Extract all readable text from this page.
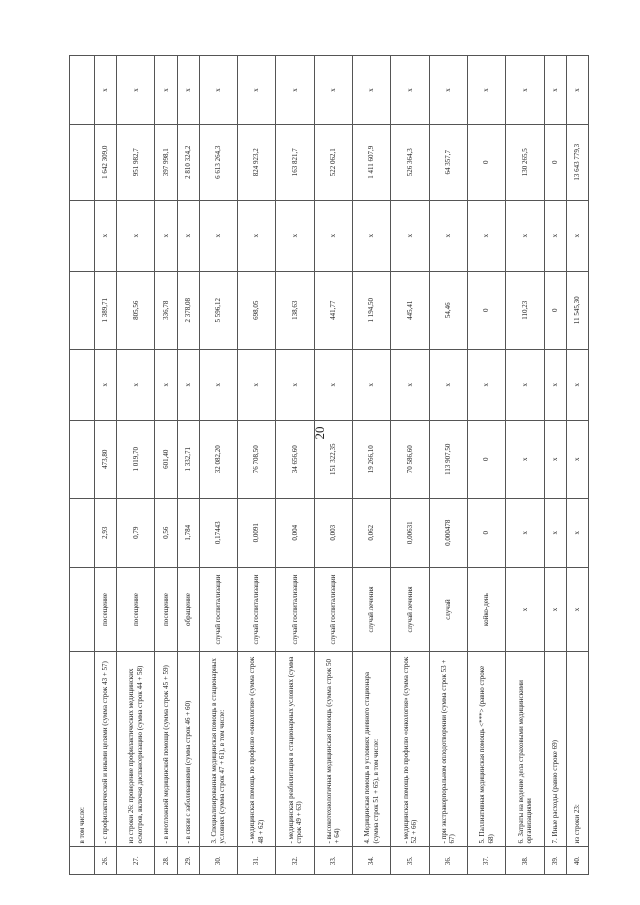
20
	в том числе:								
26.	- с профилактической и иными целями (сумма строк 43 + 57)	посещение	2,93	473,80	x	1 389,71	x	1 642 309,0	x
27.	из строки 26: проведение профилактических медицинских осмотров, включая диспансеризацию (сумма строк 44 + 58)	посещение	0,79	1 019,70	x	805,56	x	951 982,7	x
28.	- в неотложной медицинской помощи (сумма строк 45 + 59)	посещение	0,56	601,40	x	336,78	x	397 998,1	x
29.	- в связи с заболеваниями (сумма строк 46 + 60)	обращение	1,784	1 332,71	x	2 378,08	x	2 810 324,2	x
30.	3. Специализированная медицинская помощь в стационарных условиях (сумма строк 47 + 61), в том числе:	случай госпитализации	0,17443	32 082,20	x	5 596,12	x	6 613 264,3	x
31.	- медицинская помощь по профилю «онкология» (сумма строк 48 + 62)	случай госпитализации	0,0091	76 708,50	x	698,05	x	824 923,2	x
32.	- медицинская реабилитация в стационарных условиях (сумма строк 49 + 63)	случай госпитализации	0,004	34 656,60	x	138,63	x	163 821,7	x
33.	- высокотехнологичная медицинская помощь (сумма строк 50 + 64)	случай госпитализации	0,003	151 322,35	x	441,77	x	522 062,1	x
34.	4. Медицинская помощь в условиях дневного стационара (сумма строк 51 + 65), в том числе:	случай лечения	0,062	19 266,10	x	1 194,50	x	1 411 607,9	x
35.	- медицинская помощь по профилю «онкология» (сумма строк 52 + 66)	случай лечения	0,00631	70 586,60	x	445,41	x	526 364,3	x
36.	- при экстракорпоральном оплодотворении (сумма строк 53 + 67)	случай	0,000478	113 907,50	x	54,46	x	64 357,7	x
37.	5. Паллиативная медицинская помощь <***> (равно строке 68)	койко-день	0	0	x	0	x	0	x
38.	6. Затраты на ведение дела страховыми медицинскими организациями	x	x	x	x	110,23	x	130 265,5	x
39.	7. Иные расходы (равно строке 69)	x	x	x	x	0	x	0	x
40.	из строки 23:	x	x	x	x	11 545,30	x	13 643 779,3	x
